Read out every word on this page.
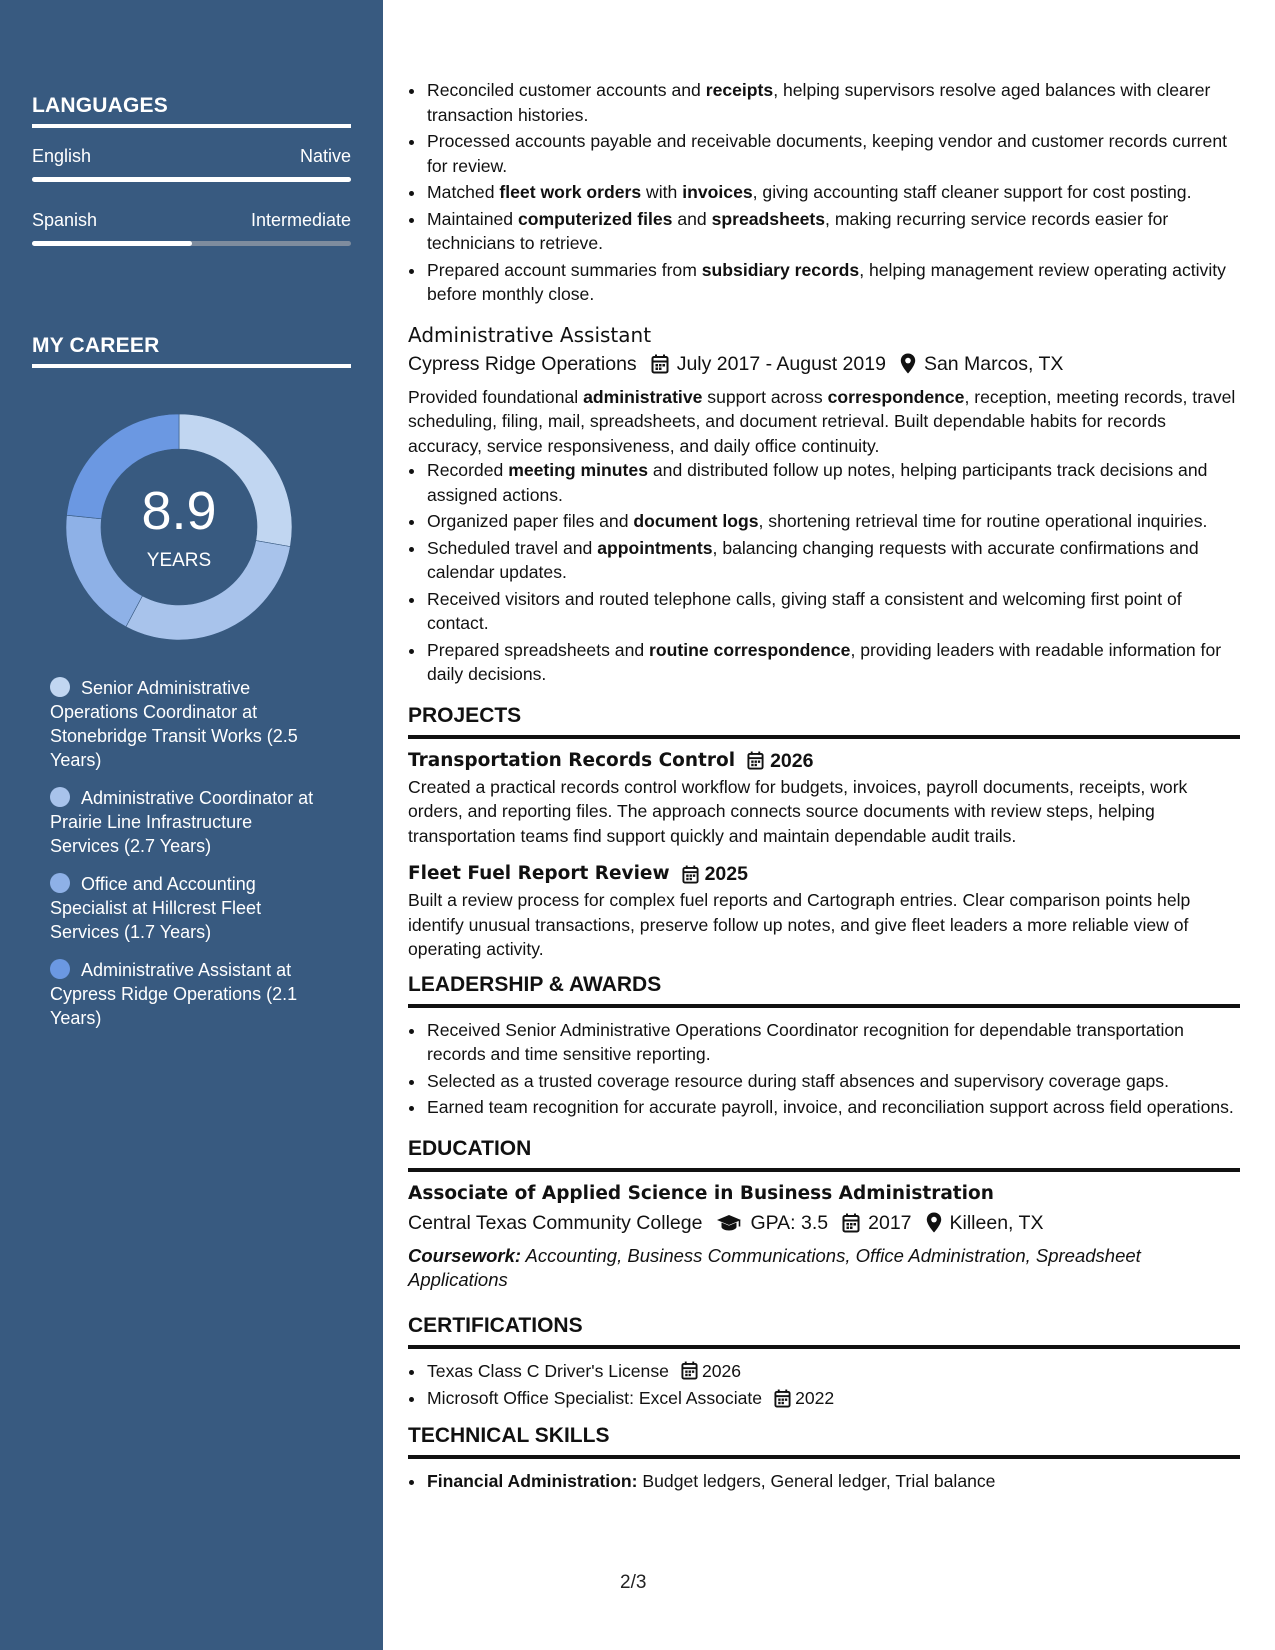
LANGUAGES
English	Native
Spanish	Intermediate
MY CAREER
8.9
YEARS
Senior Administrative Operations Coordinator at Stonebridge Transit Works (2.5 Years)
Administrative Coordinator at Prairie Line Infrastructure Services (2.7 Years)
Office and Accounting Specialist at Hillcrest Fleet Services (1.7 Years)
Administrative Assistant at Cypress Ridge Operations (2.1 Years)
• Reconciled customer accounts and receipts, helping supervisors resolve aged balances with clearer transaction histories.
• Processed accounts payable and receivable documents, keeping vendor and customer records current for review.
• Matched fleet work orders with invoices, giving accounting staff cleaner support for cost posting.
• Maintained computerized files and spreadsheets, making recurring service records easier for technicians to retrieve.
• Prepared account summaries from subsidiary records, helping management review operating activity before monthly close.
Administrative Assistant
Cypress Ridge Operations July 2017 - August 2019 San Marcos, TX
Provided foundational administrative support across correspondence, reception, meeting records, travel scheduling, filing, mail, spreadsheets, and document retrieval. Built dependable habits for records accuracy, service responsiveness, and daily office continuity.
• Recorded meeting minutes and distributed follow up notes, helping participants track decisions and assigned actions.
• Organized paper files and document logs, shortening retrieval time for routine operational inquiries.
• Scheduled travel and appointments, balancing changing requests with accurate confirmations and calendar updates.
• Received visitors and routed telephone calls, giving staff a consistent and welcoming first point of contact.
• Prepared spreadsheets and routine correspondence, providing leaders with readable information for daily decisions.
PROJECTS
Transportation Records Control 2026
Created a practical records control workflow for budgets, invoices, payroll documents, receipts, work orders, and reporting files. The approach connects source documents with review steps, helping transportation teams find support quickly and maintain dependable audit trails.
Fleet Fuel Report Review 2025
Built a review process for complex fuel reports and Cartograph entries. Clear comparison points help identify unusual transactions, preserve follow up notes, and give fleet leaders a more reliable view of operating activity.
LEADERSHIP & AWARDS
• Received Senior Administrative Operations Coordinator recognition for dependable transportation records and time sensitive reporting.
• Selected as a trusted coverage resource during staff absences and supervisory coverage gaps.
• Earned team recognition for accurate payroll, invoice, and reconciliation support across field operations.
EDUCATION
Associate of Applied Science in Business Administration
Central Texas Community College GPA: 3.5 2017 Killeen, TX
Coursework: Accounting, Business Communications, Office Administration, Spreadsheet Applications
CERTIFICATIONS
• Texas Class C Driver's License 2026
• Microsoft Office Specialist: Excel Associate 2022
TECHNICAL SKILLS
• Financial Administration: Budget ledgers, General ledger, Trial balance
2/3
